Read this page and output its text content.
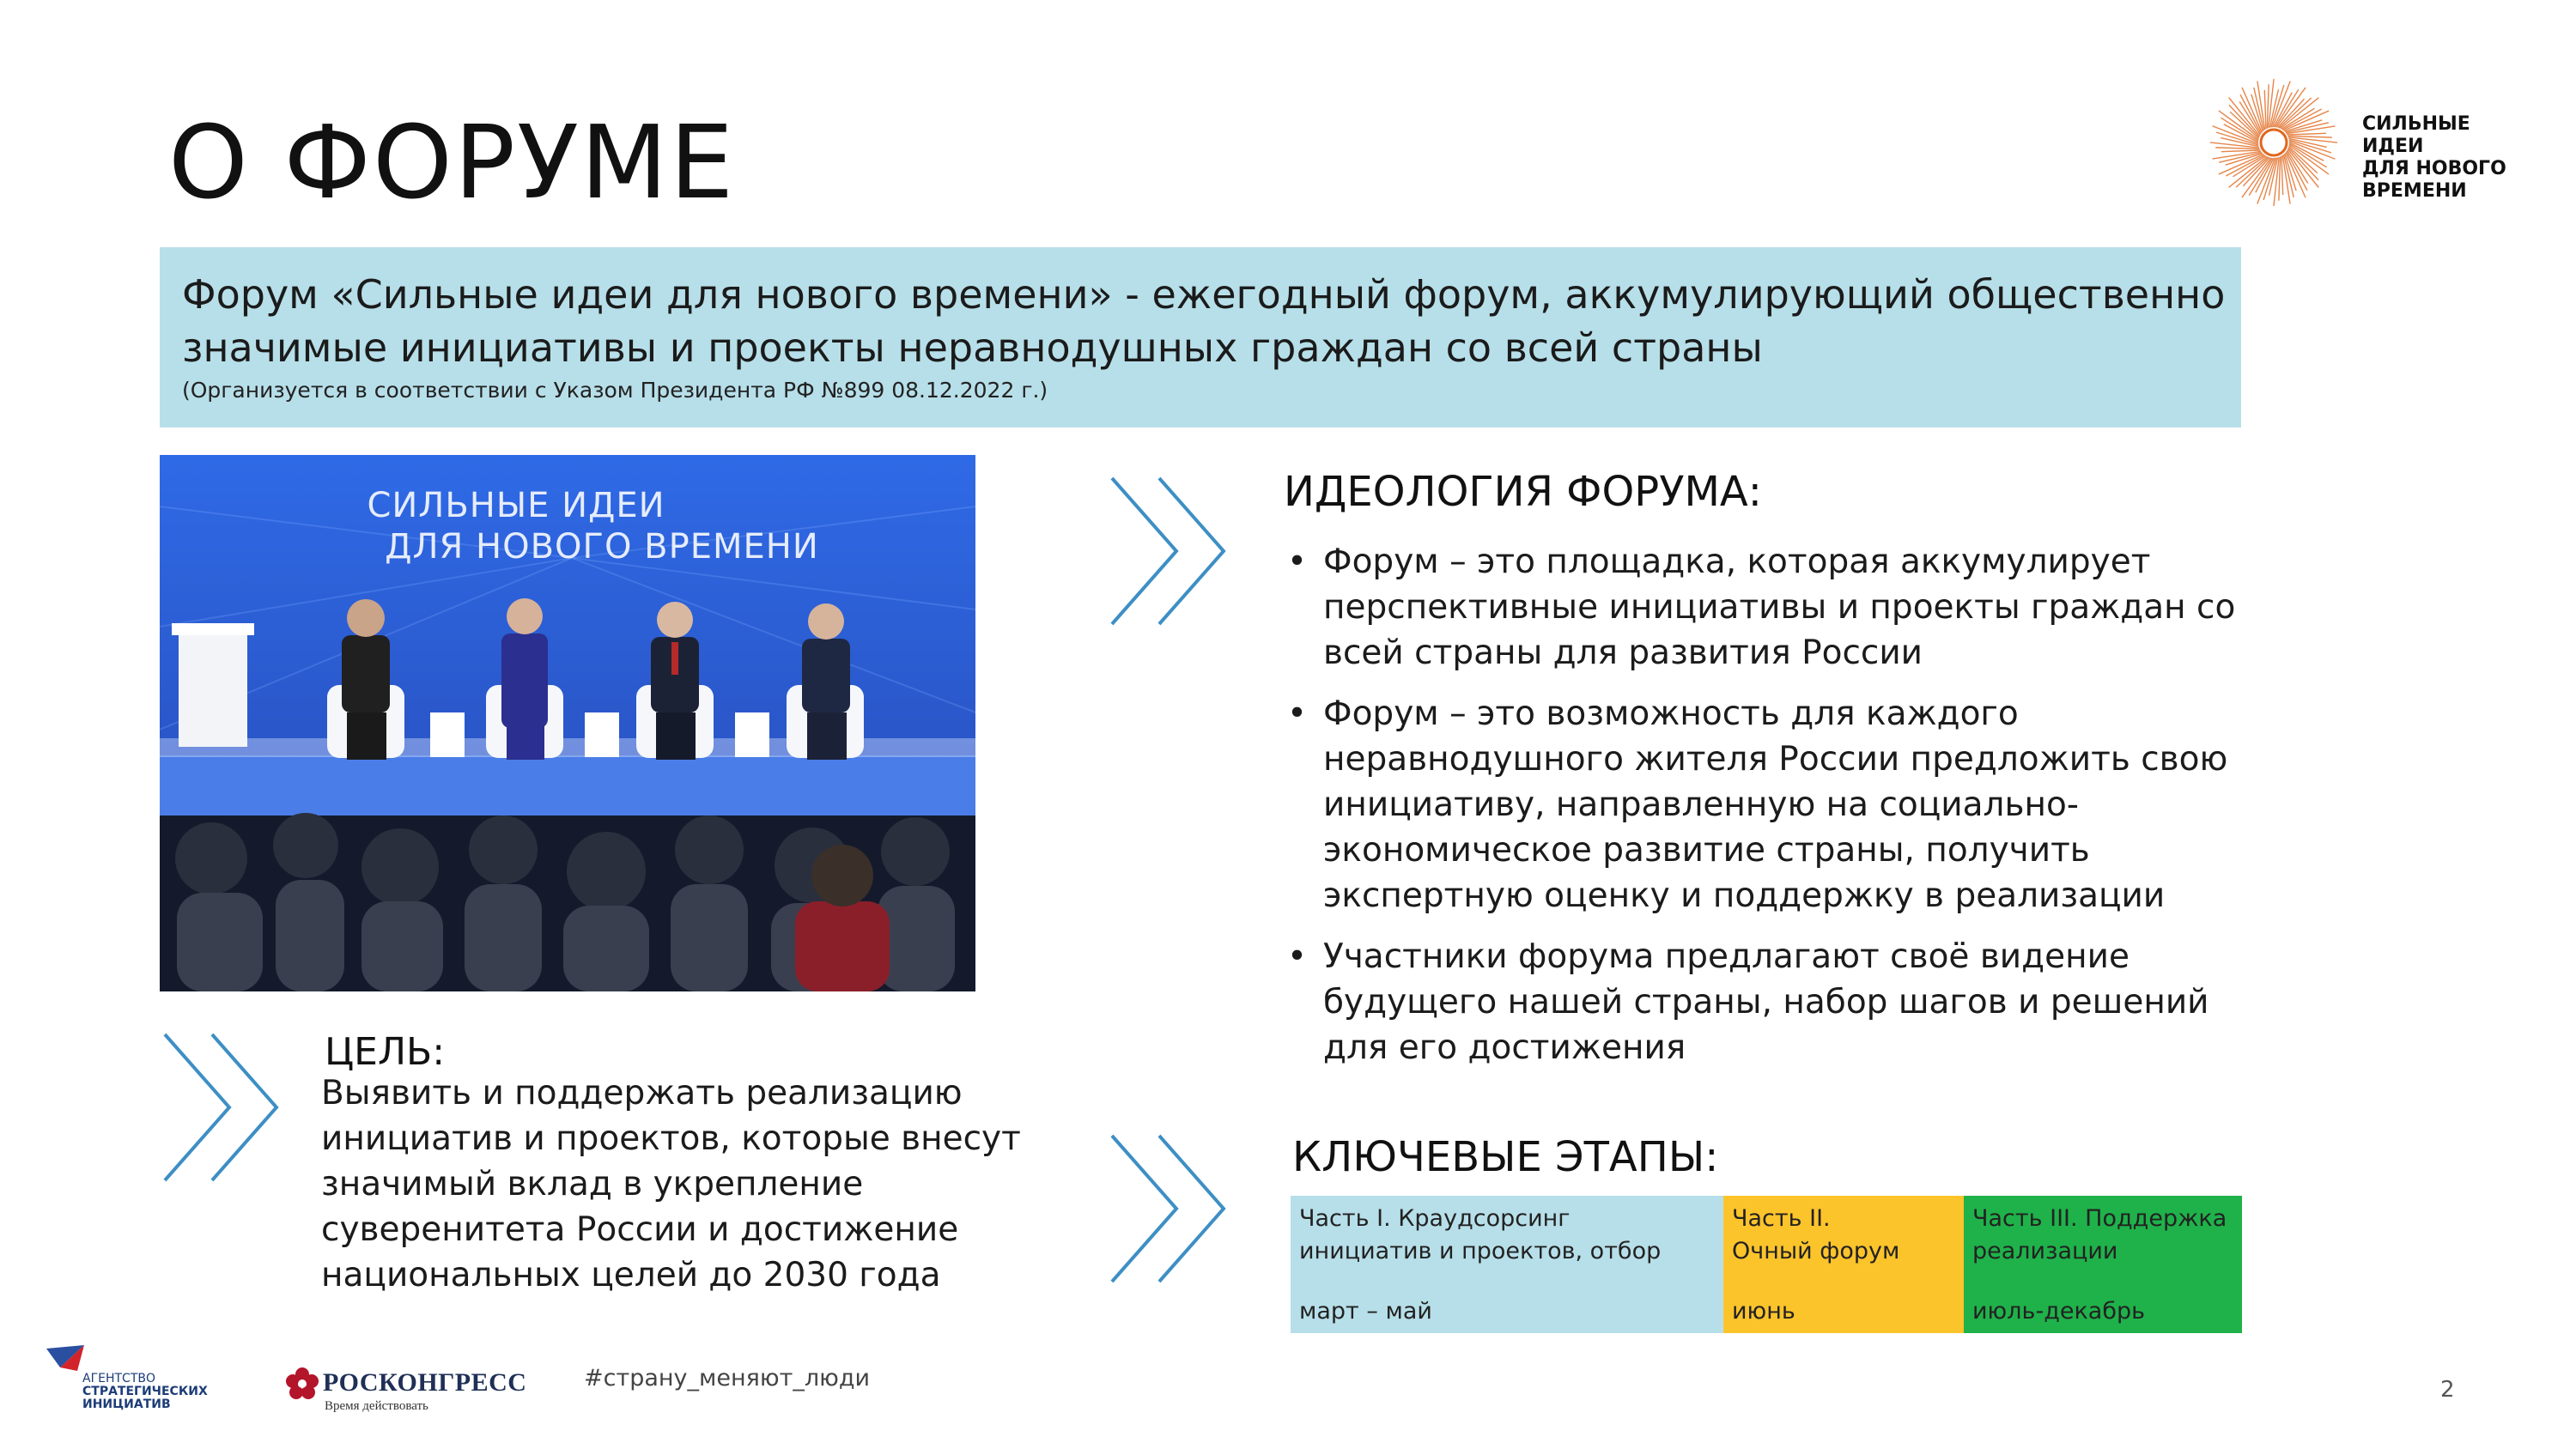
О ФОРУМЕ	СИЛЬНЫЕ ИДЕИ
ДЛЯ НОВОГО
ВРЕМЕНИ
Форум «Сильные идеи для нового времени» - ежегодный форум, аккумулирующий общественно значимые инициативы и проекты неравнодушных граждан со всей страны
(Организуется в соответствии с Указом Президента РФ №899 08.12.2022 г.)
СИЛЬНЫЕ ИДЕИ
ДЛЯ НОВОГО ВРЕМЕНИ
ИДЕОЛОГИЯ ФОРУМА:
• Форум – это площадка, которая аккумулирует перспективные инициативы и проекты граждан со всей страны для развития России
• Форум – это возможность для каждого неравнодушного жителя России предложить свою инициативу, направленную на социально-экономическое развитие страны, получить экспертную оценку и поддержку в реализации
• Участники форума предлагают своё видение будущего нашей страны, набор шагов и решений для его достижения
ЦЕЛЬ:
Выявить и поддержать реализацию инициатив и проектов, которые внесут значимый вклад в укрепление суверенитета России и достижение национальных целей до 2030 года
КЛЮЧЕВЫЕ ЭТАПЫ:
Часть I. Краудсорсинг
инициатив и проектов, отбор
март – май
Часть II.
Очный форум
июнь
Часть III. Поддержка
реализации
июль-декабрь
АГЕНТСТВО
СТРАТЕГИЧЕСКИХ
ИНИЦИАТИВ
РОСКОНГРЕСС
Время действовать
#страну_меняют_люди	2
